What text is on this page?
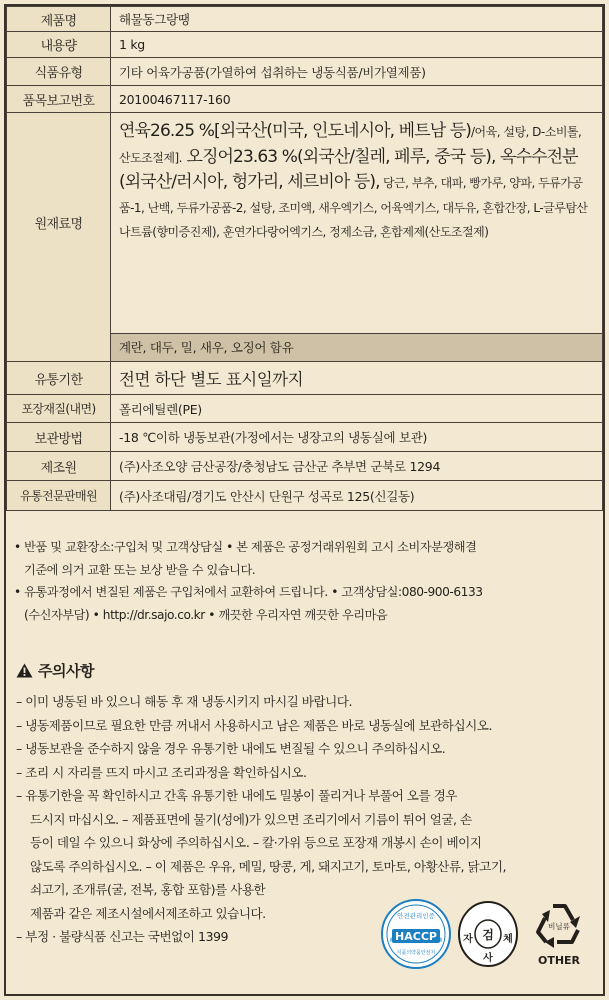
제품명	해물동그랑땡
내용량	1 kg
식품유형	기타 어육가공품(가열하여 섭취하는 냉동식품/비가열제품)
품목보고번호	20100467117-160
원재료명	연육26.25 %[외국산(미국, 인도네시아, 베트남 등)/어육, 설탕, D-소비톨, 산도조절제]. 오징어23.63 %(외국산/칠레, 페루, 중국 등), 옥수수전분(외국산/러시아, 헝가리, 세르비아 등), 당근, 부추, 대파, 빵가루, 양파, 두류가공품-1, 난백, 두류가공품-2, 설탕, 조미액, 새우엑기스, 어육엑기스, 대두유, 혼합간장, L-글루탐산나트륨(향미증진제), 훈연가다랑어엑기스, 정제소금, 혼합제제(산도조절제)
계란, 대두, 밀, 새우, 오징어 함유

유통기한	전면 하단 별도 표시일까지
포장재질(내면)	폴리에틸렌(PE)
보관방법	-18 ℃이하 냉동보관(가정에서는 냉장고의 냉동실에 보관)
제조원	(주)사조오양 금산공장/충청남도 금산군 추부면 군북로 1294
유통전문판매원	(주)사조대림/경기도 안산시 단원구 성곡로 125(신길동)
• 반품 및 교환장소:구입처 및 고객상담실 • 본 제품은 공정거래위원회 고시 소비자분쟁해결
기준에 의거 교환 또는 보상 받을 수 있습니다.
• 유통과정에서 변질된 제품은 구입처에서 교환하여 드립니다. • 고객상담실:080-900-6133
(수신자부담) • http://dr.sajo.co.kr • 깨끗한 우리자연 깨끗한 우리마음
주의사항
– 이미 냉동된 바 있으니 해동 후 재 냉동시키지 마시길 바랍니다.
– 냉동제품이므로 필요한 만큼 꺼내서 사용하시고 남은 제품은 바로 냉동실에 보관하십시오.
– 냉동보관을 준수하지 않을 경우 유통기한 내에도 변질될 수 있으니 주의하십시오.
– 조리 시 자리를 뜨지 마시고 조리과정을 확인하십시오.
– 유통기한을 꼭 확인하시고 간혹 유통기한 내에도 밀봉이 풀리거나 부풀어 오를 경우
드시지 마십시오. – 제품표면에 물기(성에)가 있으면 조리기에서 기름이 튀어 얼굴, 손
등이 데일 수 있으니 화상에 주의하십시오. – 칼·가위 등으로 포장재 개봉시 손이 베이지
않도록 주의하십시오. – 이 제품은 우유, 메밀, 땅콩, 게, 돼지고기, 토마토, 아황산류, 닭고기,
쇠고기, 조개류(굴, 전복, 홍합 포함)를 사용한
제품과 같은 제조시설에서제조하고 있습니다.
– 부정 · 불량식품 신고는 국번없이 1399
안전관리인증
HACCP
식품의약품안전처
자 검 체
사
비닐류
OTHER
